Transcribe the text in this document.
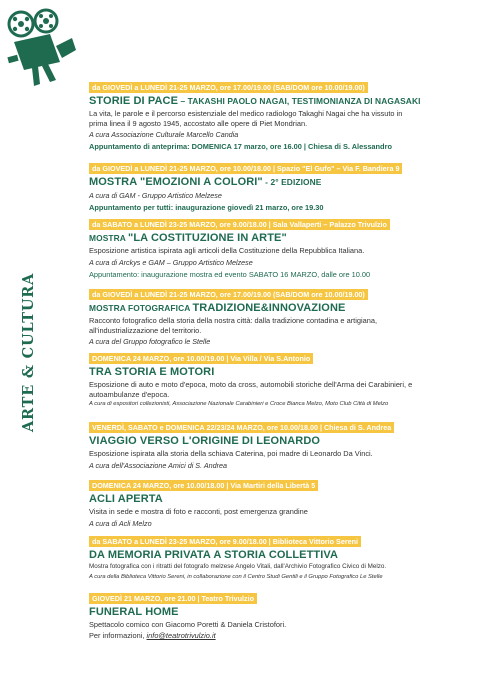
ARTE & CULTURA
da GIOVEDÌ a LUNEDÌ 21-25 MARZO, ore 17.00/19.00 (SAB/DOM ore 10.00/19.00)
STORIE DI PACE – TAKASHI PAOLO NAGAI, TESTIMONIANZA DI NAGASAKI
La vita, le parole e il percorso esistenziale del medico radiologo Takaghi Nagai che ha vissuto in prima linea il 9 agosto 1945, accostato alle opere di Piet Mondrian.
A cura Associazione Culturale Marcello Candia
Appuntamento di anteprima: DOMENICA 17 marzo, ore 16.00 | Chiesa di S. Alessandro
da GIOVEDÌ a LUNEDÌ 21-25 MARZO, ore 10.00/18.00 | Spazio "El Gufo" – Via F. Bandiera 9
MOSTRA "EMOZIONI A COLORI" - 2° EDIZIONE
A cura di GAM - Gruppo Artistico Melzese
Appuntamento per tutti: inaugurazione giovedì 21 marzo, ore 19.30
da SABATO a LUNEDÌ 23-25 MARZO, ore 9.00/18.00 | Sala Vallaperti – Palazzo Trivulzio
MOSTRA "LA COSTITUZIONE IN ARTE"
Esposizione artistica ispirata agli articoli della Costituzione della Repubblica Italiana.
A cura di Arckys e GAM – Gruppo Artistico Melzese
Appuntamento: inaugurazione mostra ed evento SABATO 16 MARZO, dalle ore 10.00
da GIOVEDÌ a LUNEDÌ 21-25 MARZO, ore 17.00/19.00 (SAB/DOM ore 10.00/19.00)
MOSTRA FOTOGRAFICA TRADIZIONE&INNOVAZIONE
Racconto fotografico della storia della nostra città: dalla tradizione contadina e artigiana, all'industrializzazione del territorio.
A cura del Gruppo fotografico le Stelle
DOMENICA 24 MARZO, ore 10.00/19.00 | Via Villa / Via S.Antonio
TRA STORIA E MOTORI
Esposizione di auto e moto d'epoca, moto da cross, automobili storiche dell'Arma dei Carabinieri, e autoambulanze d'epoca.
A cura di espositori collezionisti, Associazione Nazionale Carabinieri e Croce Bianca Melzo, Moto Club Città di Melzo
VENERDÌ, SABATO e DOMENICA 22/23/24 MARZO, ore 10.00/18.00 | Chiesa di S. Andrea
VIAGGIO VERSO L'ORIGINE DI LEONARDO
Esposizione ispirata alla storia della schiava Caterina, poi madre di Leonardo Da Vinci.
A cura dell'Associazione Amici di S. Andrea
DOMENICA 24 MARZO, ore 10.00/18.00 | Via Martiri della Libertà 5
ACLI APERTA
Visita in sede e mostra di foto e racconti, post emergenza grandine
A cura di Acli Melzo
da SABATO a LUNEDÌ 23-25 MARZO, ore 9.00/18.00 | Biblioteca Vittorio Sereni
DA MEMORIA PRIVATA A STORIA COLLETTIVA
Mostra fotografica con i ritratti del fotografo melzese Angelo Vitali, dall'Archivio Fotografico Civico di Melzo.
A cura della Biblioteca Vittorio Sereni, in collaborazione con il Centro Studi Gentili e il Gruppo Fotografico Le Stelle
GIOVEDÌ 21 MARZO, ore 21.00 | Teatro Trivulzio
FUNERAL HOME
Spettacolo comico con Giacomo Poretti & Daniela Cristofori.
Per informazioni, info@teatrotrivulzio.it
